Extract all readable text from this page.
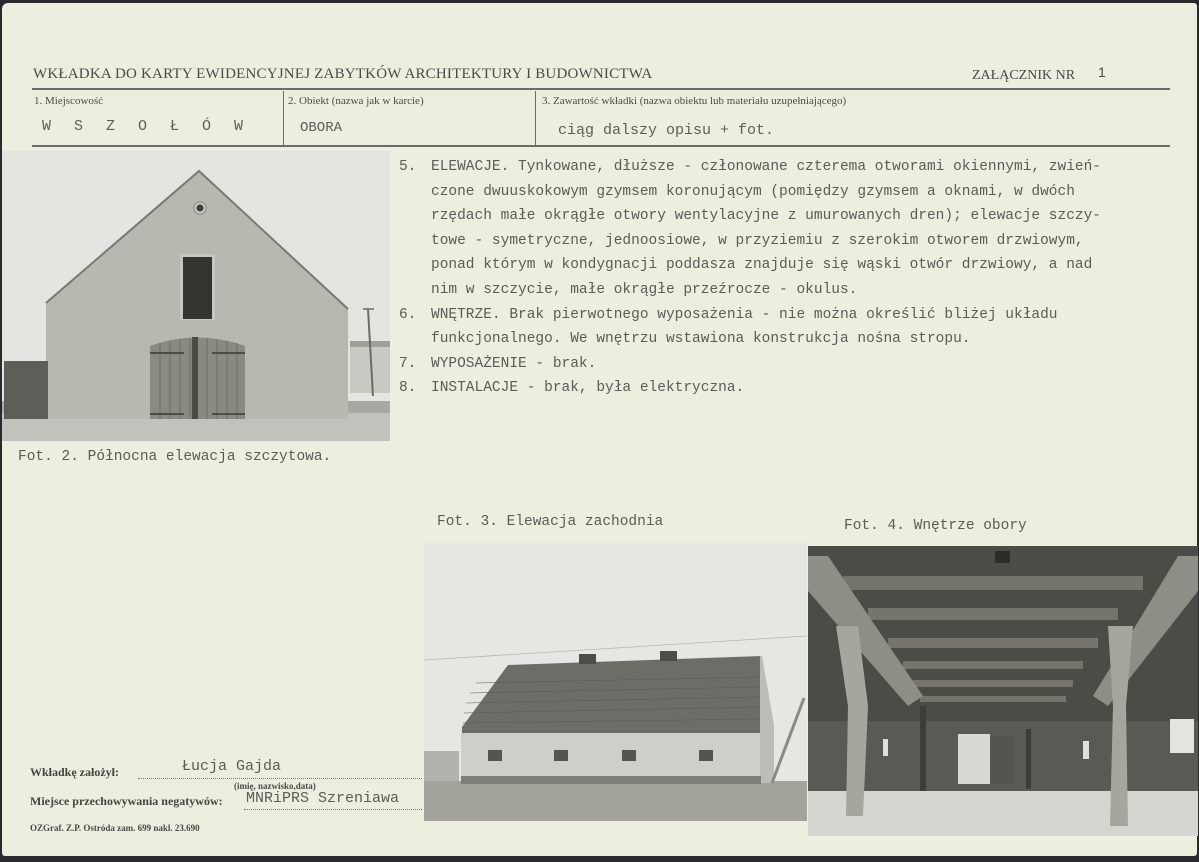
WKŁADKA DO KARTY EWIDENCYJNEJ ZABYTKÓW ARCHITEKTURY I BUDOWNICTWA	ZAŁĄCZNIK NR 1
1. Miejscowość
W S Z O Ł Ó W
2. Obiekt (nazwa jak w karcie)
OBORA
3. Zawartość wkładki (nazwa obiektu lub materiału uzupełniającego)
ciąg dalszy opisu + fot.
5. ELEWACJE. Tynkowane, dłuższe - członowane czterema otworami okiennymi, zwień-
czone dwuuskokowym gzymsem koronującym (pomiędzy gzymsem a oknami, w dwóch
rzędach małe okrągłe otwory wentylacyjne z umurowanych dren); elewacje szczy-
towe - symetryczne, jednoosiowe, w przyziemiu z szerokim otworem drzwiowym,
ponad którym w kondygnacji poddasza znajduje się wąski otwór drzwiowy, a nad
nim w szczycie, małe okrągłe przeźrocze - okulus.
6. WNĘTRZE. Brak pierwotnego wyposażenia - nie można określić bliżej układu
funkcjonalnego. We wnętrzu wstawiona konstrukcja nośna stropu.
7. WYPOSAŻENIE - brak.
8. INSTALACJE - brak, była elektryczna.
Fot. 2. Północna elewacja szczytowa.
Fot. 3. Elewacja zachodnia	Fot. 4. Wnętrze obory
Wkładkę założył:	Łucja Gajda
(imię, nazwisko,data)
Miejsce przechowywania negatywów: MNRiPRS Szreniawa
OZGraf. Z.P. Ostróda zam. 699 nakl. 23.690
